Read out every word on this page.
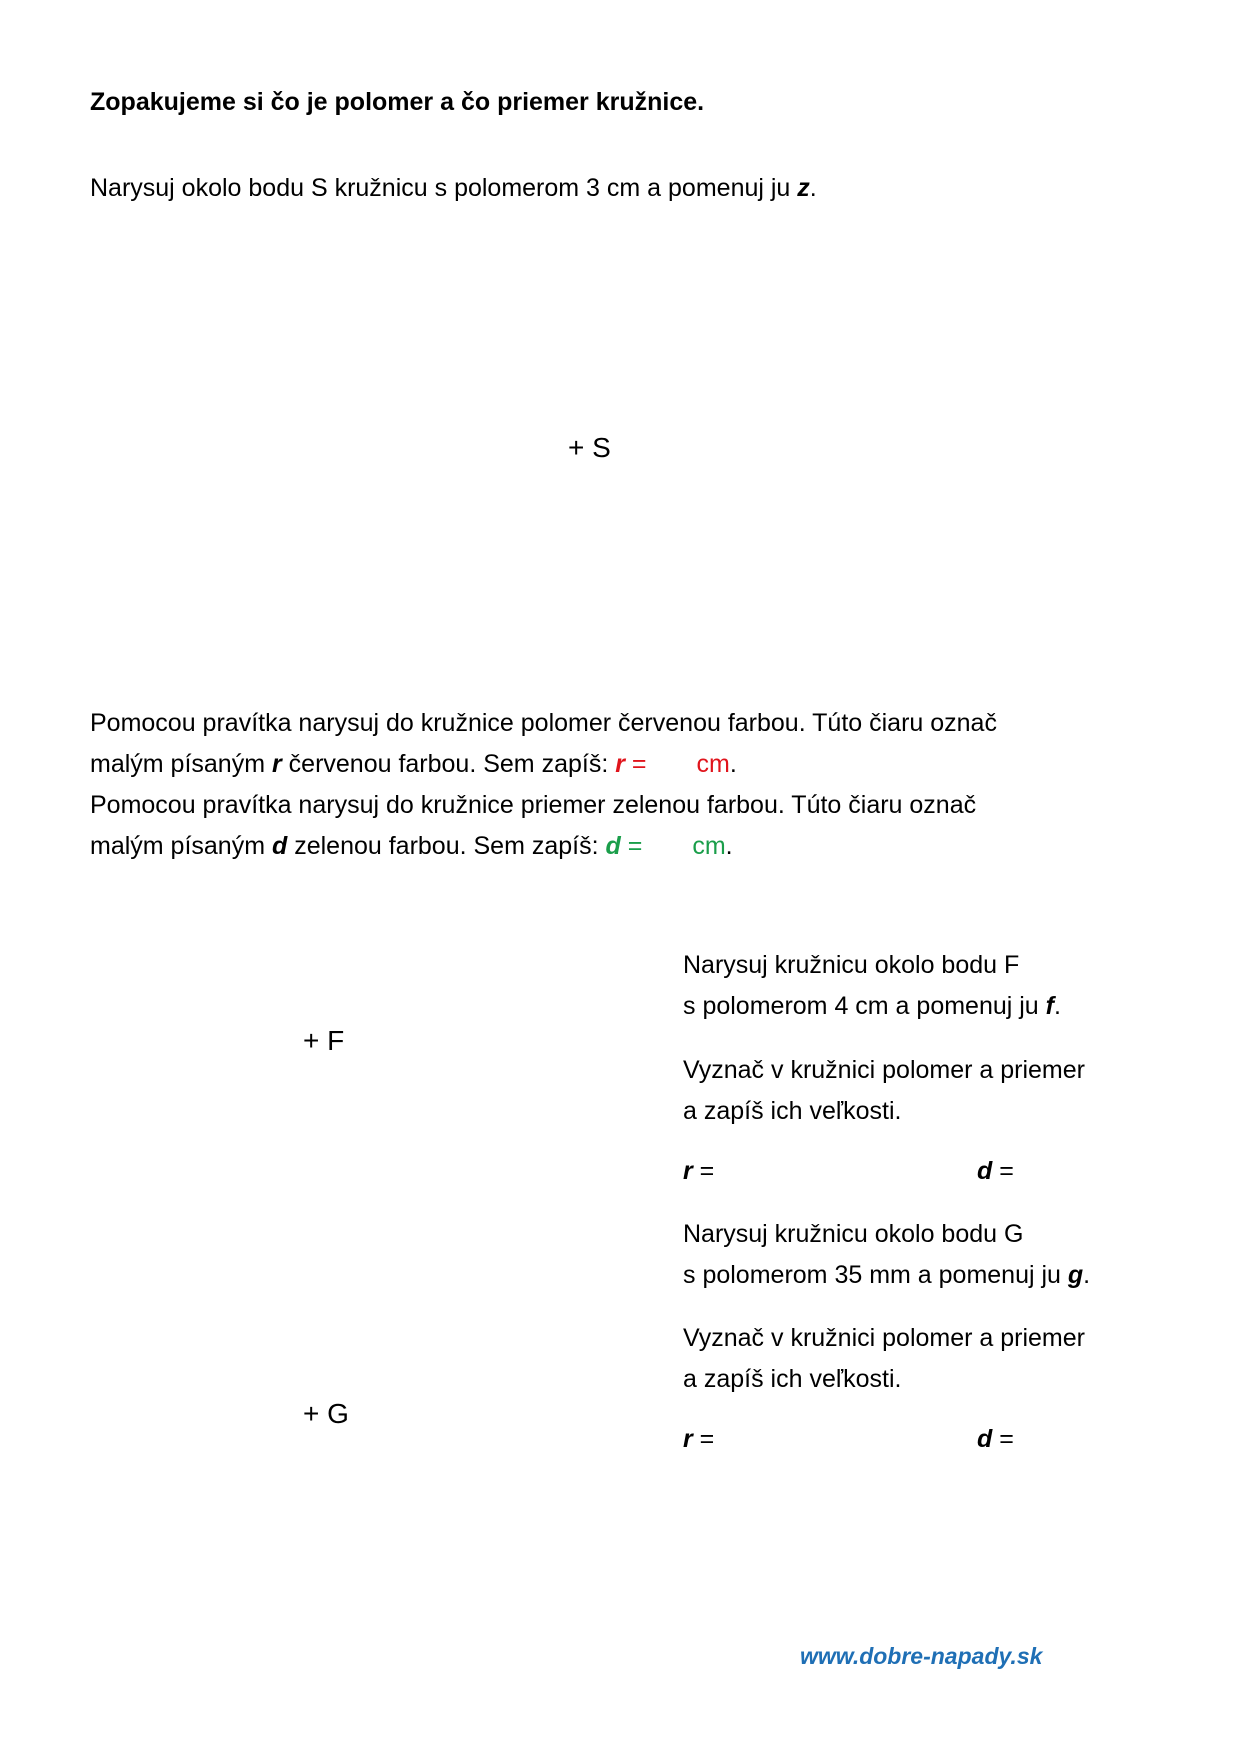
Zopakujeme si čo je polomer a čo priemer kružnice.
Narysuj okolo bodu S kružnicu s polomerom 3 cm a pomenuj ju z.
+ S
Pomocou pravítka narysuj do kružnice polomer červenou farbou. Túto čiaru označ
malým písaným r červenou farbou. Sem zapíš: r = cm.
Pomocou pravítka narysuj do kružnice priemer zelenou farbou. Túto čiaru označ
malým písaným d zelenou farbou. Sem zapíš: d = cm.
+ F
+ G
Narysuj kružnicu okolo bodu F
s polomerom 4 cm a pomenuj ju f.
Vyznač v kružnici polomer a priemer
a zapíš ich veľkosti.
r =	d =
Narysuj kružnicu okolo bodu G
s polomerom 35 mm a pomenuj ju g.
Vyznač v kružnici polomer a priemer
a zapíš ich veľkosti.
r =	d =
www.dobre-napady.sk
